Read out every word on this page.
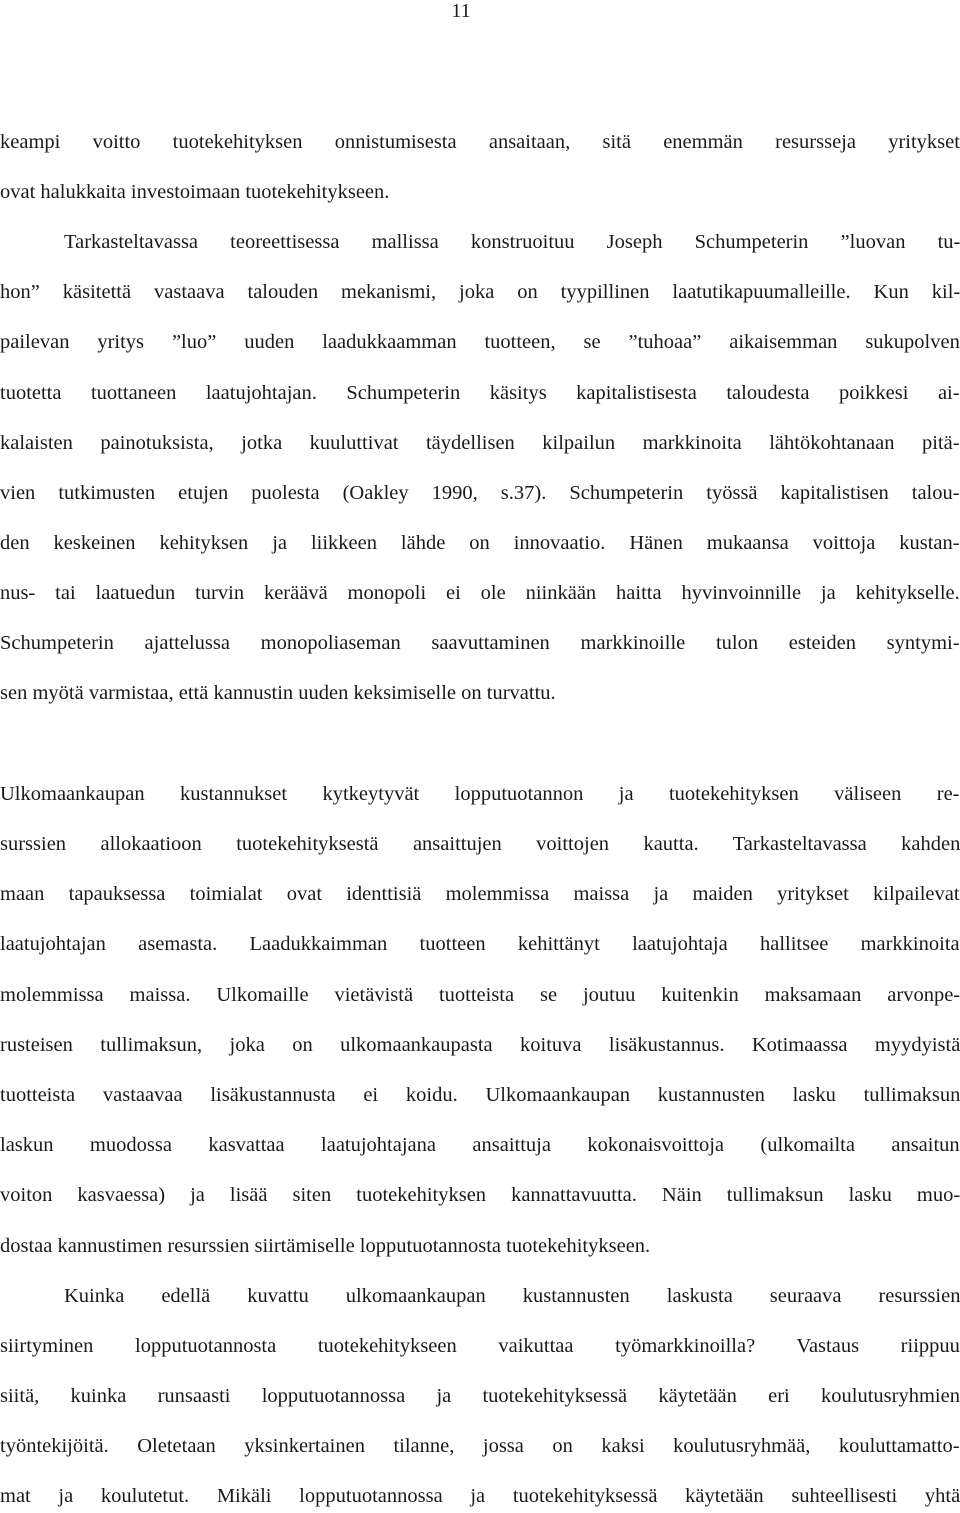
11
keampi voitto tuotekehityksen onnistumisesta ansaitaan, sitä enemmän resursseja yritykset
ovat halukkaita investoimaan tuotekehitykseen.
Tarkasteltavassa teoreettisessa mallissa konstruoituu Joseph Schumpeterin ”luovan tu-
hon” käsitettä vastaava talouden mekanismi, joka on tyypillinen laatutikapuumalleille. Kun kil-
pailevan yritys ”luo” uuden laadukkaamman tuotteen, se ”tuhoaa” aikaisemman sukupolven
tuotetta tuottaneen laatujohtajan. Schumpeterin käsitys kapitalistisesta taloudesta poikkesi ai-
kalaisten painotuksista, jotka kuuluttivat täydellisen kilpailun markkinoita lähtökohtanaan pitä-
vien tutkimusten etujen puolesta (Oakley 1990, s.37). Schumpeterin työssä kapitalistisen talou-
den keskeinen kehityksen ja liikkeen lähde on innovaatio. Hänen mukaansa voittoja kustan-
nus- tai laatuedun turvin keräävä monopoli ei ole niinkään haitta hyvinvoinnille ja kehitykselle.
Schumpeterin ajattelussa monopoliaseman saavuttaminen markkinoille tulon esteiden syntymi-
sen myötä varmistaa, että kannustin uuden keksimiselle on turvattu.
Ulkomaankaupan kustannukset kytkeytyvät lopputuotannon ja tuotekehityksen väliseen re-
surssien allokaatioon tuotekehityksestä ansaittujen voittojen kautta. Tarkasteltavassa kahden
maan tapauksessa toimialat ovat identtisiä molemmissa maissa ja maiden yritykset kilpailevat
laatujohtajan asemasta. Laadukkaimman tuotteen kehittänyt laatujohtaja hallitsee markkinoita
molemmissa maissa. Ulkomaille vietävistä tuotteista se joutuu kuitenkin maksamaan arvonpe-
rusteisen tullimaksun, joka on ulkomaankaupasta koituva lisäkustannus. Kotimaassa myydyistä
tuotteista vastaavaa lisäkustannusta ei koidu. Ulkomaankaupan kustannusten lasku tullimaksun
laskun muodossa kasvattaa laatujohtajana ansaittuja kokonaisvoittoja (ulkomailta ansaitun
voiton kasvaessa) ja lisää siten tuotekehityksen kannattavuutta. Näin tullimaksun lasku muo-
dostaa kannustimen resurssien siirtämiselle lopputuotannosta tuotekehitykseen.
Kuinka edellä kuvattu ulkomaankaupan kustannusten laskusta seuraava resurssien
siirtyminen lopputuotannosta tuotekehitykseen vaikuttaa työmarkkinoilla? Vastaus riippuu
siitä, kuinka runsaasti lopputuotannossa ja tuotekehityksessä käytetään eri koulutusryhmien
työntekijöitä. Oletetaan yksinkertainen tilanne, jossa on kaksi koulutusryhmää, kouluttamatto-
mat ja koulutetut. Mikäli lopputuotannossa ja tuotekehityksessä käytetään suhteellisesti yhtä
